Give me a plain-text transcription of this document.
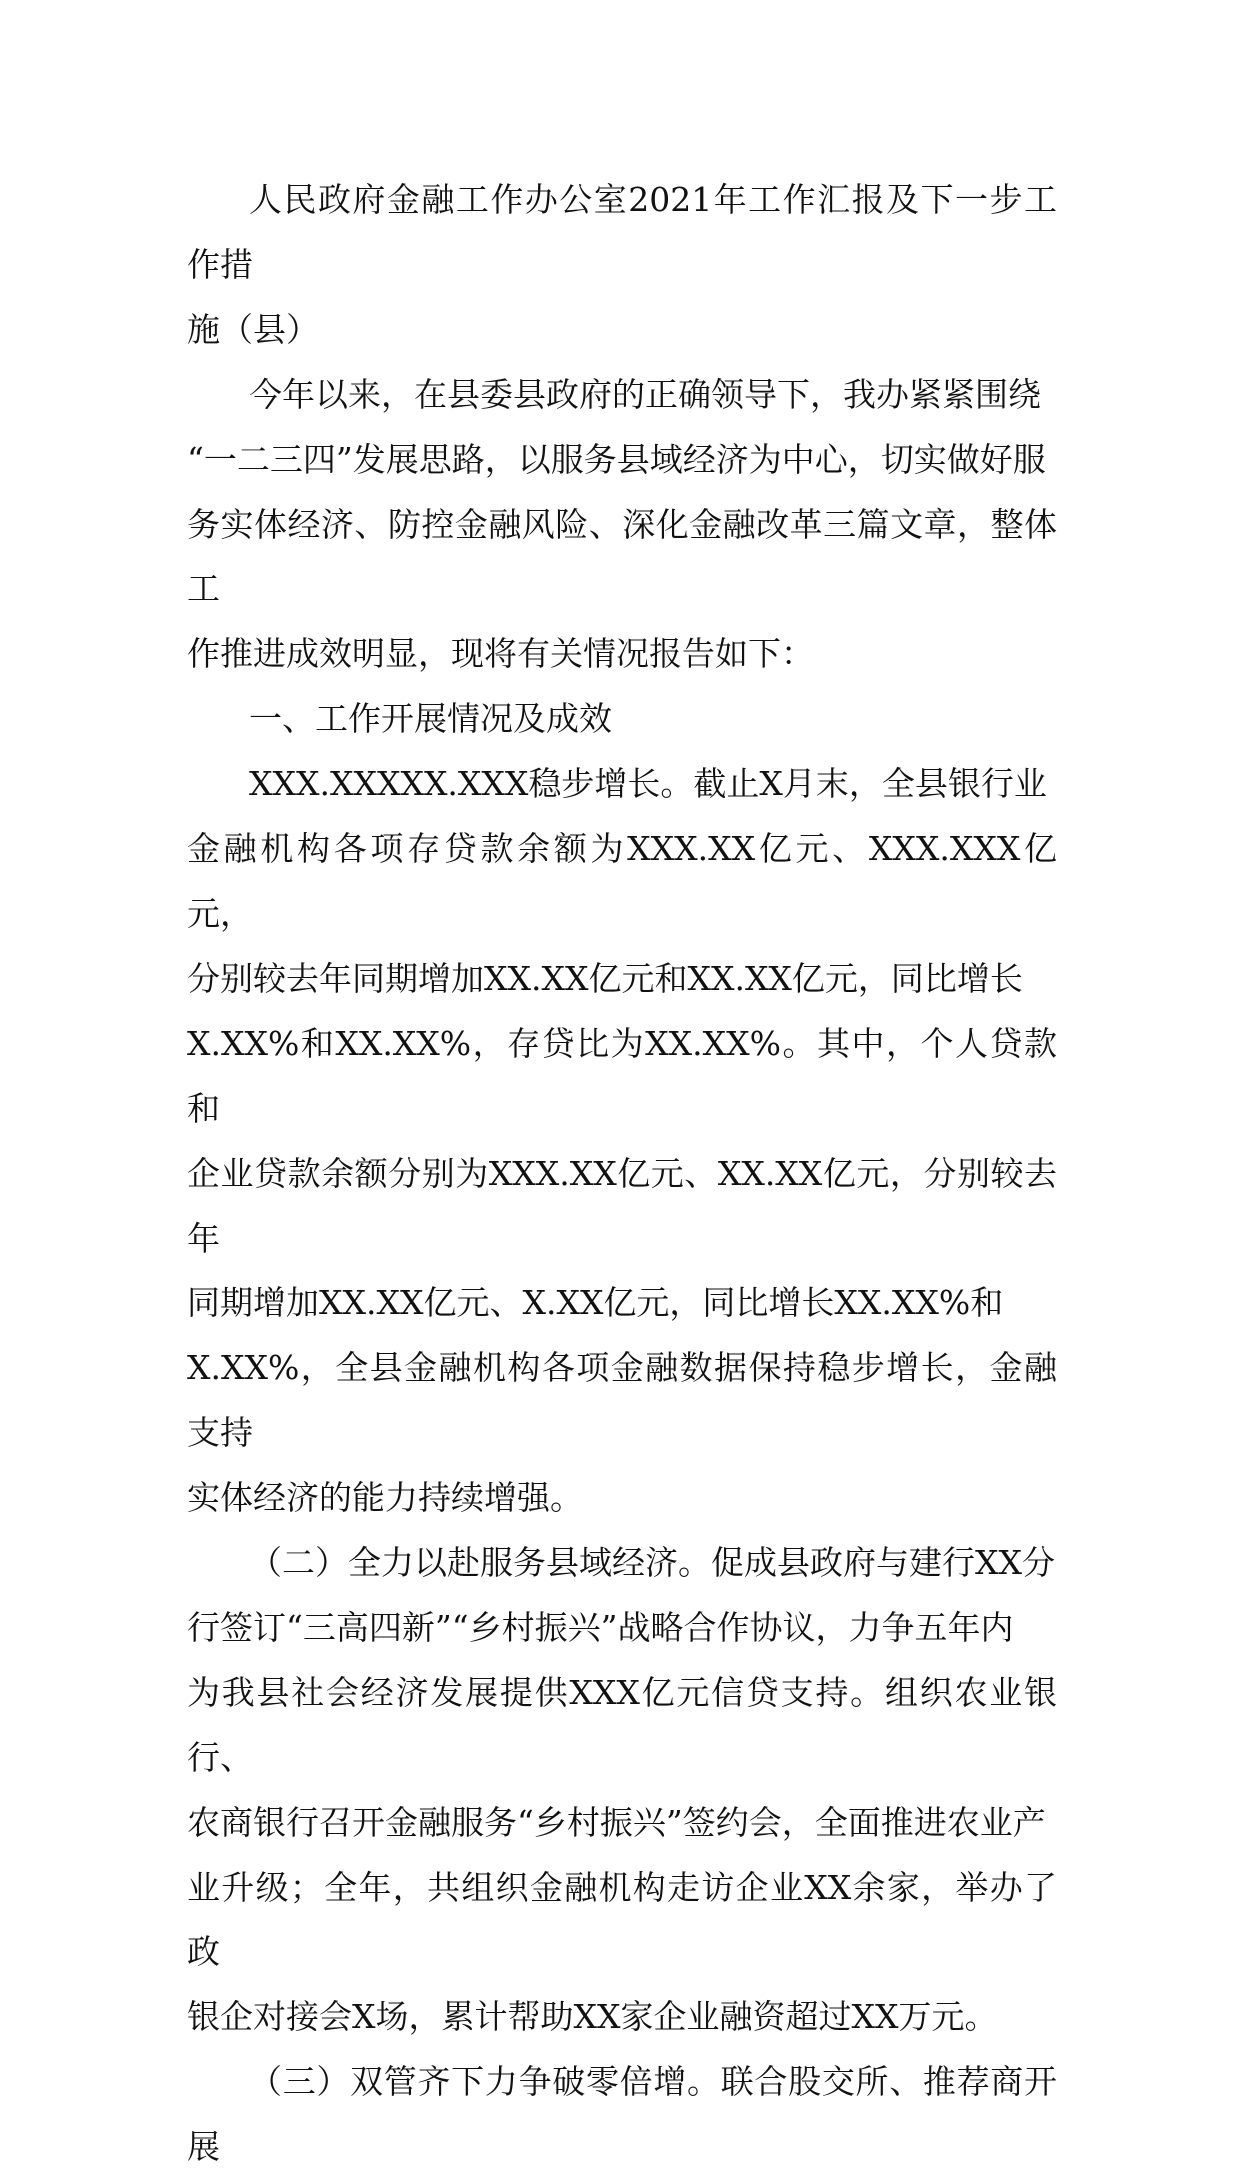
人民政府金融工作办公室2021年工作汇报及下一步工作措
施（县）

今年以来，在县委县政府的正确领导下，我办紧紧围绕
“一二三四”发展思路，以服务县域经济为中心，切实做好服
务实体经济、防控金融风险、深化金融改革三篇文章，整体工
作推进成效明显，现将有关情况报告如下：

一、工作开展情况及成效

XXX.XXXXX.XXX稳步增长。截止X月末，全县银行业
金融机构各项存贷款余额为XXX.XX亿元、XXX.XXX亿元，
分别较去年同期增加XX.XX亿元和XX.XX亿元，同比增长
X.XX%和XX.XX%，存贷比为XX.XX%。其中，个人贷款和
企业贷款余额分别为XXX.XX亿元、XX.XX亿元，分别较去年
同期增加XX.XX亿元、X.XX亿元，同比增长XX.XX%和
X.XX%，全县金融机构各项金融数据保持稳步增长，金融支持
实体经济的能力持续增强。

（二）全力以赴服务县域经济。促成县政府与建行XX分
行签订“三高四新”“乡村振兴”战略合作协议，力争五年内
为我县社会经济发展提供XXX亿元信贷支持。组织农业银行、
农商银行召开金融服务“乡村振兴”签约会，全面推进农业产
业升级；全年，共组织金融机构走访企业XX余家，举办了政
银企对接会X场，累计帮助XX家企业融资超过XX万元。

（三）双管齐下力争破零倍增。联合股交所、推荐商开展
